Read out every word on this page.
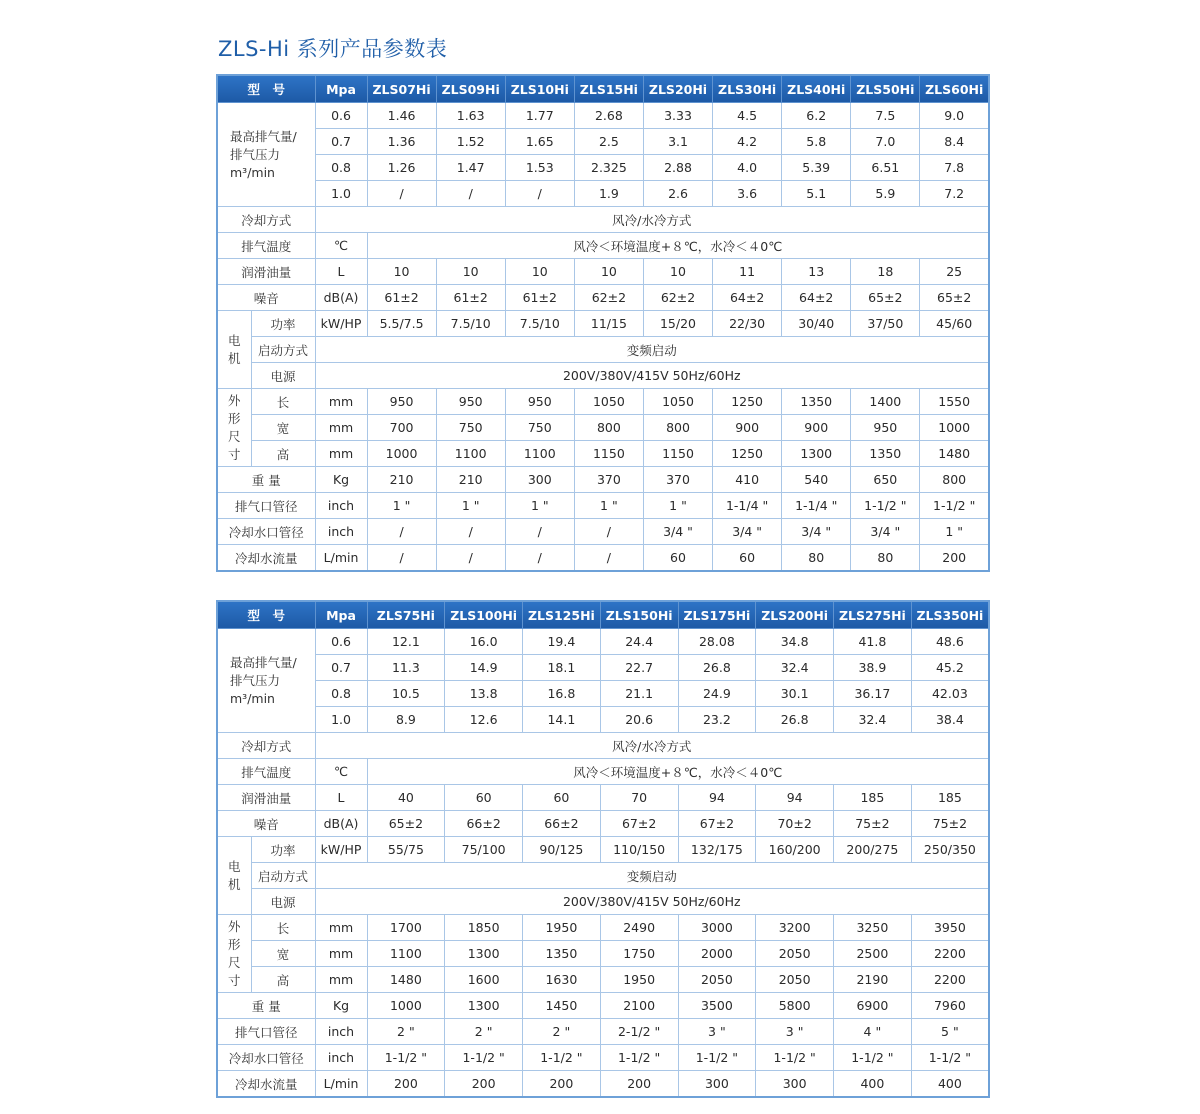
ZLS-Hi 系列产品参数表
型　号		Mpa	ZLS07Hi	ZLS09Hi	ZLS10Hi	ZLS15Hi	ZLS20Hi	ZLS30Hi	ZLS40Hi	ZLS50Hi	ZLS60Hi

最高排气量/
排气压力
m³/min		0.6	1.46	1.63	1.77	2.68	3.33	4.5	6.2	7.5	9.0
		0.7	1.36	1.52	1.65	2.5	3.1	4.2	5.8	7.0	8.4
		0.8	1.26	1.47	1.53	2.325	2.88	4.0	5.39	6.51	7.8
		1.0	/	/	/	1.9	2.6	3.6	5.1	5.9	7.2
冷却方式		风冷/水冷方式									
排气温度		℃	风冷＜环境温度+８℃，水冷＜４0℃								
润滑油量		L	10	10	10	10	10	11	13	18	25
噪音		dB(A)	61±2	61±2	61±2	62±2	62±2	64±2	64±2	65±2	65±2
电
机	功率	kW/HP	5.5/7.5	7.5/10	7.5/10	11/15	15/20	22/30	30/40	37/50	45/60
	启动方式	变频启动									
	电源	200V/380V/415V 50Hz/60Hz									
外
形
尺
寸	长	mm	950	950	950	1050	1050	1250	1350	1400	1550
	宽	mm	700	750	750	800	800	900	900	950	1000
	高	mm	1000	1100	1100	1150	1150	1250	1300	1350	1480
重 量		Kg	210	210	300	370	370	410	540	650	800
排气口管径		inch	1 "	1 "	1 "	1 "	1 "	1-1/4 "	1-1/4 "	1-1/2 "	1-1/2 "
冷却水口管径		inch	/	/	/	/	3/4 "	3/4 "	3/4 "	3/4 "	1 "
冷却水流量		L/min	/	/	/	/	60	60	80	80	200
型　号		Mpa	ZLS75Hi	ZLS100Hi	ZLS125Hi	ZLS150Hi	ZLS175Hi	ZLS200Hi	ZLS275Hi	ZLS350Hi

最高排气量/
排气压力
m³/min		0.6	12.1	16.0	19.4	24.4	28.08	34.8	41.8	48.6
		0.7	11.3	14.9	18.1	22.7	26.8	32.4	38.9	45.2
		0.8	10.5	13.8	16.8	21.1	24.9	30.1	36.17	42.03
		1.0	8.9	12.6	14.1	20.6	23.2	26.8	32.4	38.4
冷却方式		风冷/水冷方式								
排气温度		℃	风冷＜环境温度+８℃，水冷＜４0℃							
润滑油量		L	40	60	60	70	94	94	185	185
噪音		dB(A)	65±2	66±2	66±2	67±2	67±2	70±2	75±2	75±2
电
机	功率	kW/HP	55/75	75/100	90/125	110/150	132/175	160/200	200/275	250/350
	启动方式	变频启动								
	电源	200V/380V/415V 50Hz/60Hz								
外
形
尺
寸	长	mm	1700	1850	1950	2490	3000	3200	3250	3950
	宽	mm	1100	1300	1350	1750	2000	2050	2500	2200
	高	mm	1480	1600	1630	1950	2050	2050	2190	2200
重 量		Kg	1000	1300	1450	2100	3500	5800	6900	7960
排气口管径		inch	2 "	2 "	2 "	2-1/2 "	3 "	3 "	4 "	5 "
冷却水口管径		inch	1-1/2 "	1-1/2 "	1-1/2 "	1-1/2 "	1-1/2 "	1-1/2 "	1-1/2 "	1-1/2 "
冷却水流量		L/min	200	200	200	200	300	300	400	400
